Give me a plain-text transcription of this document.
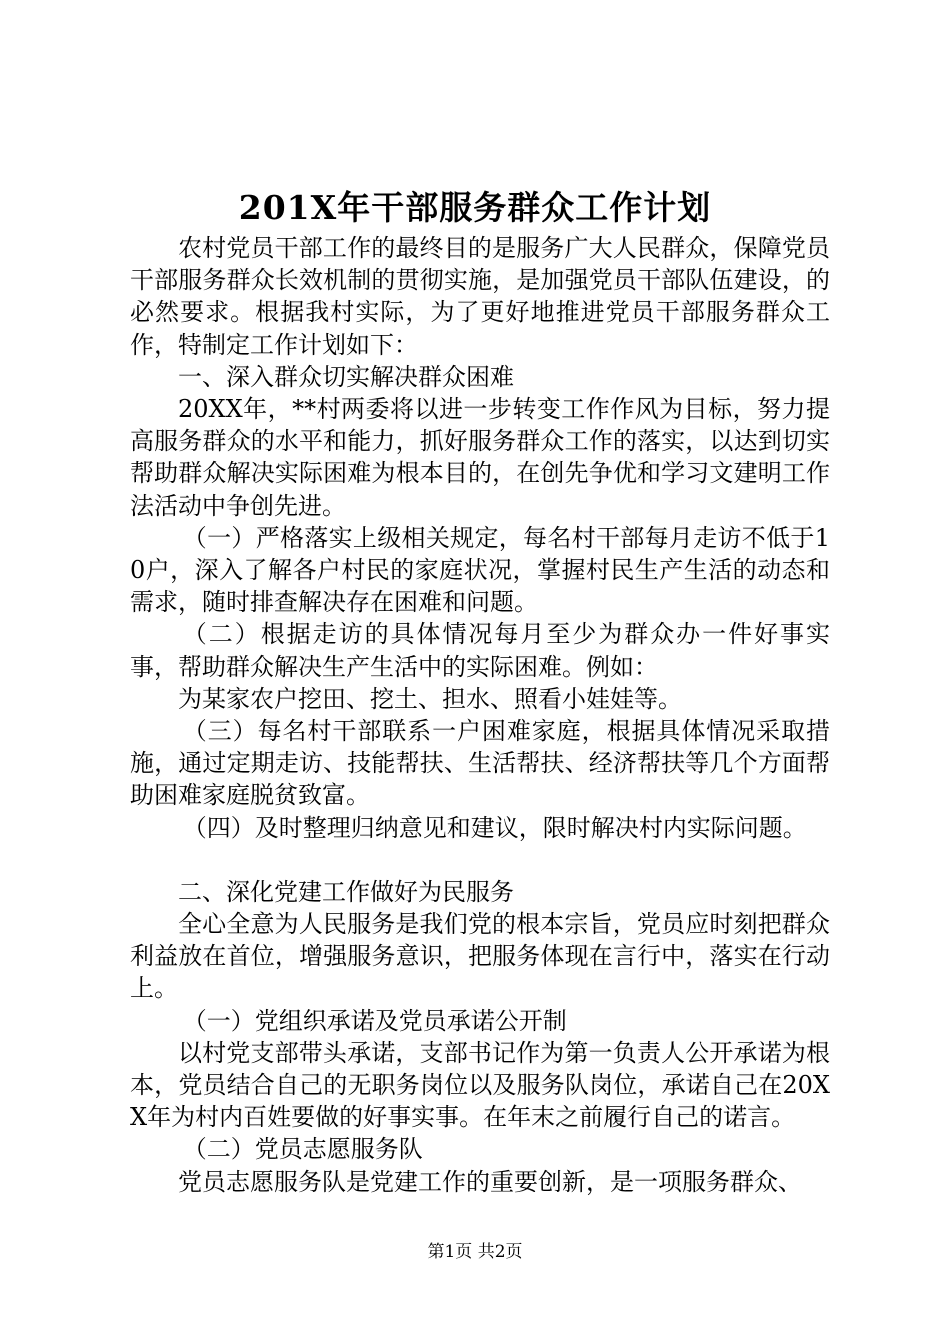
201X年干部服务群众工作计划

农村党员干部工作的最终目的是服务广大人民群众，保障党员干部服务群众长效机制的贯彻实施，是加强党员干部队伍建设，的必然要求。根据我村实际，为了更好地推进党员干部服务群众工作，特制定工作计划如下：

一、深入群众切实解决群众困难

20XX年，**村两委将以进一步转变工作作风为目标，努力提高服务群众的水平和能力，抓好服务群众工作的落实，以达到切实帮助群众解决实际困难为根本目的，在创先争优和学习文建明工作法活动中争创先进。

（一）严格落实上级相关规定，每名村干部每月走访不低于10户，深入了解各户村民的家庭状况，掌握村民生产生活的动态和需求，随时排查解决存在困难和问题。

（二）根据走访的具体情况每月至少为群众办一件好事实事，帮助群众解决生产生活中的实际困难。例如：

为某家农户挖田、挖土、担水、照看小娃娃等。

（三）每名村干部联系一户困难家庭，根据具体情况采取措施，通过定期走访、技能帮扶、生活帮扶、经济帮扶等几个方面帮助困难家庭脱贫致富。

（四）及时整理归纳意见和建议，限时解决村内实际问题。

二、深化党建工作做好为民服务

全心全意为人民服务是我们党的根本宗旨，党员应时刻把群众利益放在首位，增强服务意识，把服务体现在言行中，落实在行动上。

（一）党组织承诺及党员承诺公开制

以村党支部带头承诺，支部书记作为第一负责人公开承诺为根本，党员结合自己的无职务岗位以及服务队岗位，承诺自己在20XX年为村内百姓要做的好事实事。在年末之前履行自己的诺言。

（二）党员志愿服务队

党员志愿服务队是党建工作的重要创新，是一项服务群众、

第1页 共2页
